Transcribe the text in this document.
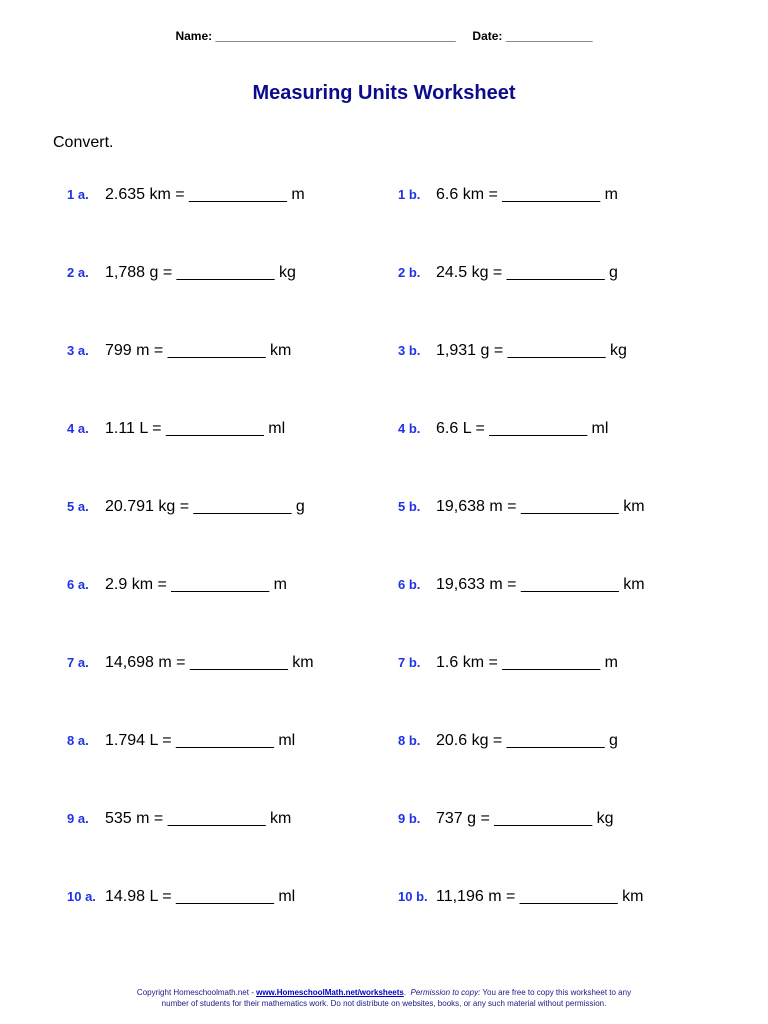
Name: ____________________________________ Date: _____________
Measuring Units Worksheet
Convert.
1 a. 2.635 km = ___________ m
2 a. 1,788 g = ___________ kg
3 a. 799 m = ___________ km
4 a. 1.11 L = ___________ ml
5 a. 20.791 kg = ___________ g
6 a. 2.9 km = ___________ m
7 a. 14,698 m = ___________ km
8 a. 1.794 L = ___________ ml
9 a. 535 m = ___________ km
10 a. 14.98 L = ___________ ml
1 b. 6.6 km = ___________ m
2 b. 24.5 kg = ___________ g
3 b. 1,931 g = ___________ kg
4 b. 6.6 L = ___________ ml
5 b. 19,638 m = ___________ km
6 b. 19,633 m = ___________ km
7 b. 1.6 km = ___________ m
8 b. 20.6 kg = ___________ g
9 b. 737 g = ___________ kg
10 b. 11,196 m = ___________ km
Copyright Homeschoolmath.net - www.HomeschoolMath.net/worksheets.  Permission to copy: You are free to copy this worksheet to any
number of students for their mathematics work. Do not distribute on websites, books, or any such material without permission.
